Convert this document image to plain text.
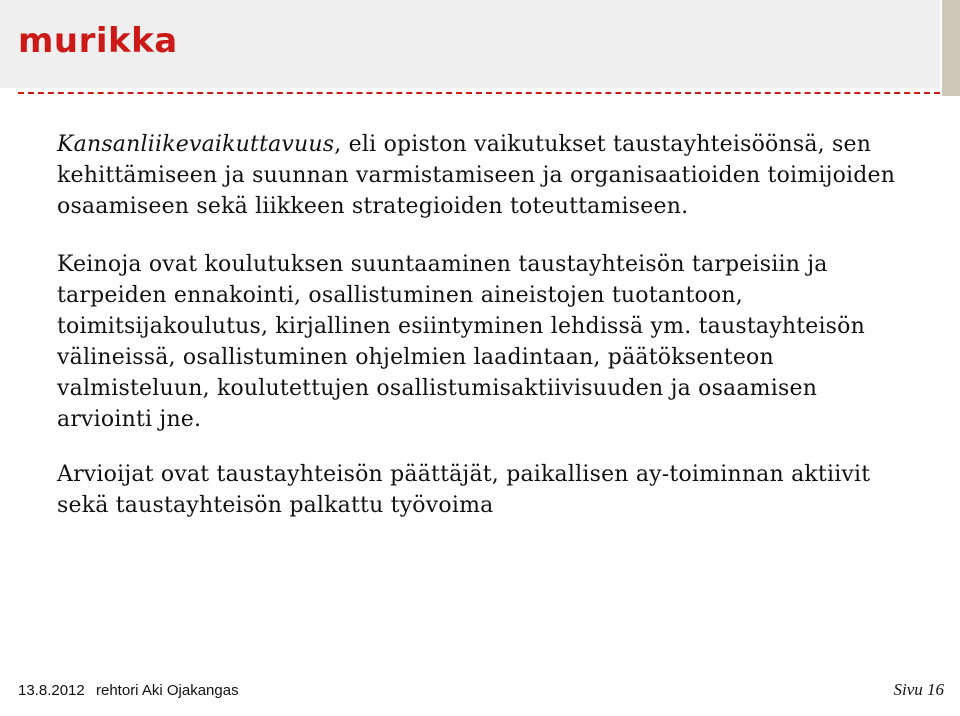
murikka

Kansanliikevaikuttavuus, eli opiston vaikutukset taustayhteisöönsä, sen kehittämiseen ja suunnan varmistamiseen ja organisaatioiden toimijoiden osaamiseen sekä liikkeen strategioiden toteuttamiseen.

Keinoja ovat koulutuksen suuntaaminen taustayhteisön tarpeisiin ja tarpeiden ennakointi, osallistuminen aineistojen tuotantoon, toimitsijakoulutus, kirjallinen esiintyminen lehdissä ym. taustayhteisön välineissä, osallistuminen ohjelmien laadintaan, päätöksenteon valmisteluun, koulutettujen osallistumisaktiivisuuden ja osaamisen arviointi jne.

Arvioijat ovat taustayhteisön päättäjät, paikallisen ay-toiminnan aktiivit sekä taustayhteisön palkattu työvoima

13.8.2012 rehtori Aki Ojakangas	Sivu 16
